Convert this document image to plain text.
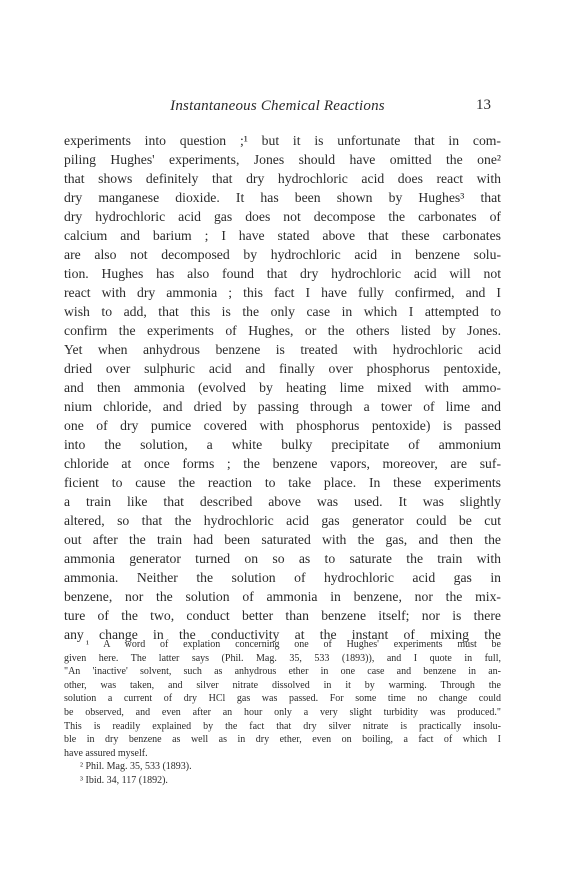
Instantaneous Chemical Reactions	13
experiments into question ;¹ but it is unfortunate that in com-
piling Hughes' experiments, Jones should have omitted the one²
that shows definitely that dry hydrochloric acid does react with
dry manganese dioxide. It has been shown by Hughes³ that
dry hydrochloric acid gas does not decompose the carbonates of
calcium and barium ; I have stated above that these carbonates
are also not decomposed by hydrochloric acid in benzene solu-
tion. Hughes has also found that dry hydrochloric acid will not
react with dry ammonia ; this fact I have fully confirmed, and I
wish to add, that this is the only case in which I attempted to
confirm the experiments of Hughes, or the others listed by Jones.
Yet when anhydrous benzene is treated with hydrochloric acid
dried over sulphuric acid and finally over phosphorus pentoxide,
and then ammonia (evolved by heating lime mixed with ammo-
nium chloride, and dried by passing through a tower of lime and
one of dry pumice covered with phosphorus pentoxide) is passed
into the solution, a white bulky precipitate of ammonium
chloride at once forms ; the benzene vapors, moreover, are suf-
ficient to cause the reaction to take place. In these experiments
a train like that described above was used. It was slightly
altered, so that the hydrochloric acid gas generator could be cut
out after the train had been saturated with the gas, and then the
ammonia generator turned on so as to saturate the train with
ammonia. Neither the solution of hydrochloric acid gas in
benzene, nor the solution of ammonia in benzene, nor the mix-
ture of the two, conduct better than benzene itself; nor is there
any change in the conductivity at the instant of mixing the
¹ A word of explation concerning one of Hughes' experiments must be
given here. The latter says (Phil. Mag. 35, 533 (1893)), and I quote in full,
"An 'inactive' solvent, such as anhydrous ether in one case and benzene in an-
other, was taken, and silver nitrate dissolved in it by warming. Through the
solution a current of dry HCl gas was passed. For some time no change could
be observed, and even after an hour only a very slight turbidity was produced."
This is readily explained by the fact that dry silver nitrate is practically insolu-
ble in dry benzene as well as in dry ether, even on boiling, a fact of which I
have assured myself.
² Phil. Mag. 35, 533 (1893).
³ Ibid. 34, 117 (1892).
